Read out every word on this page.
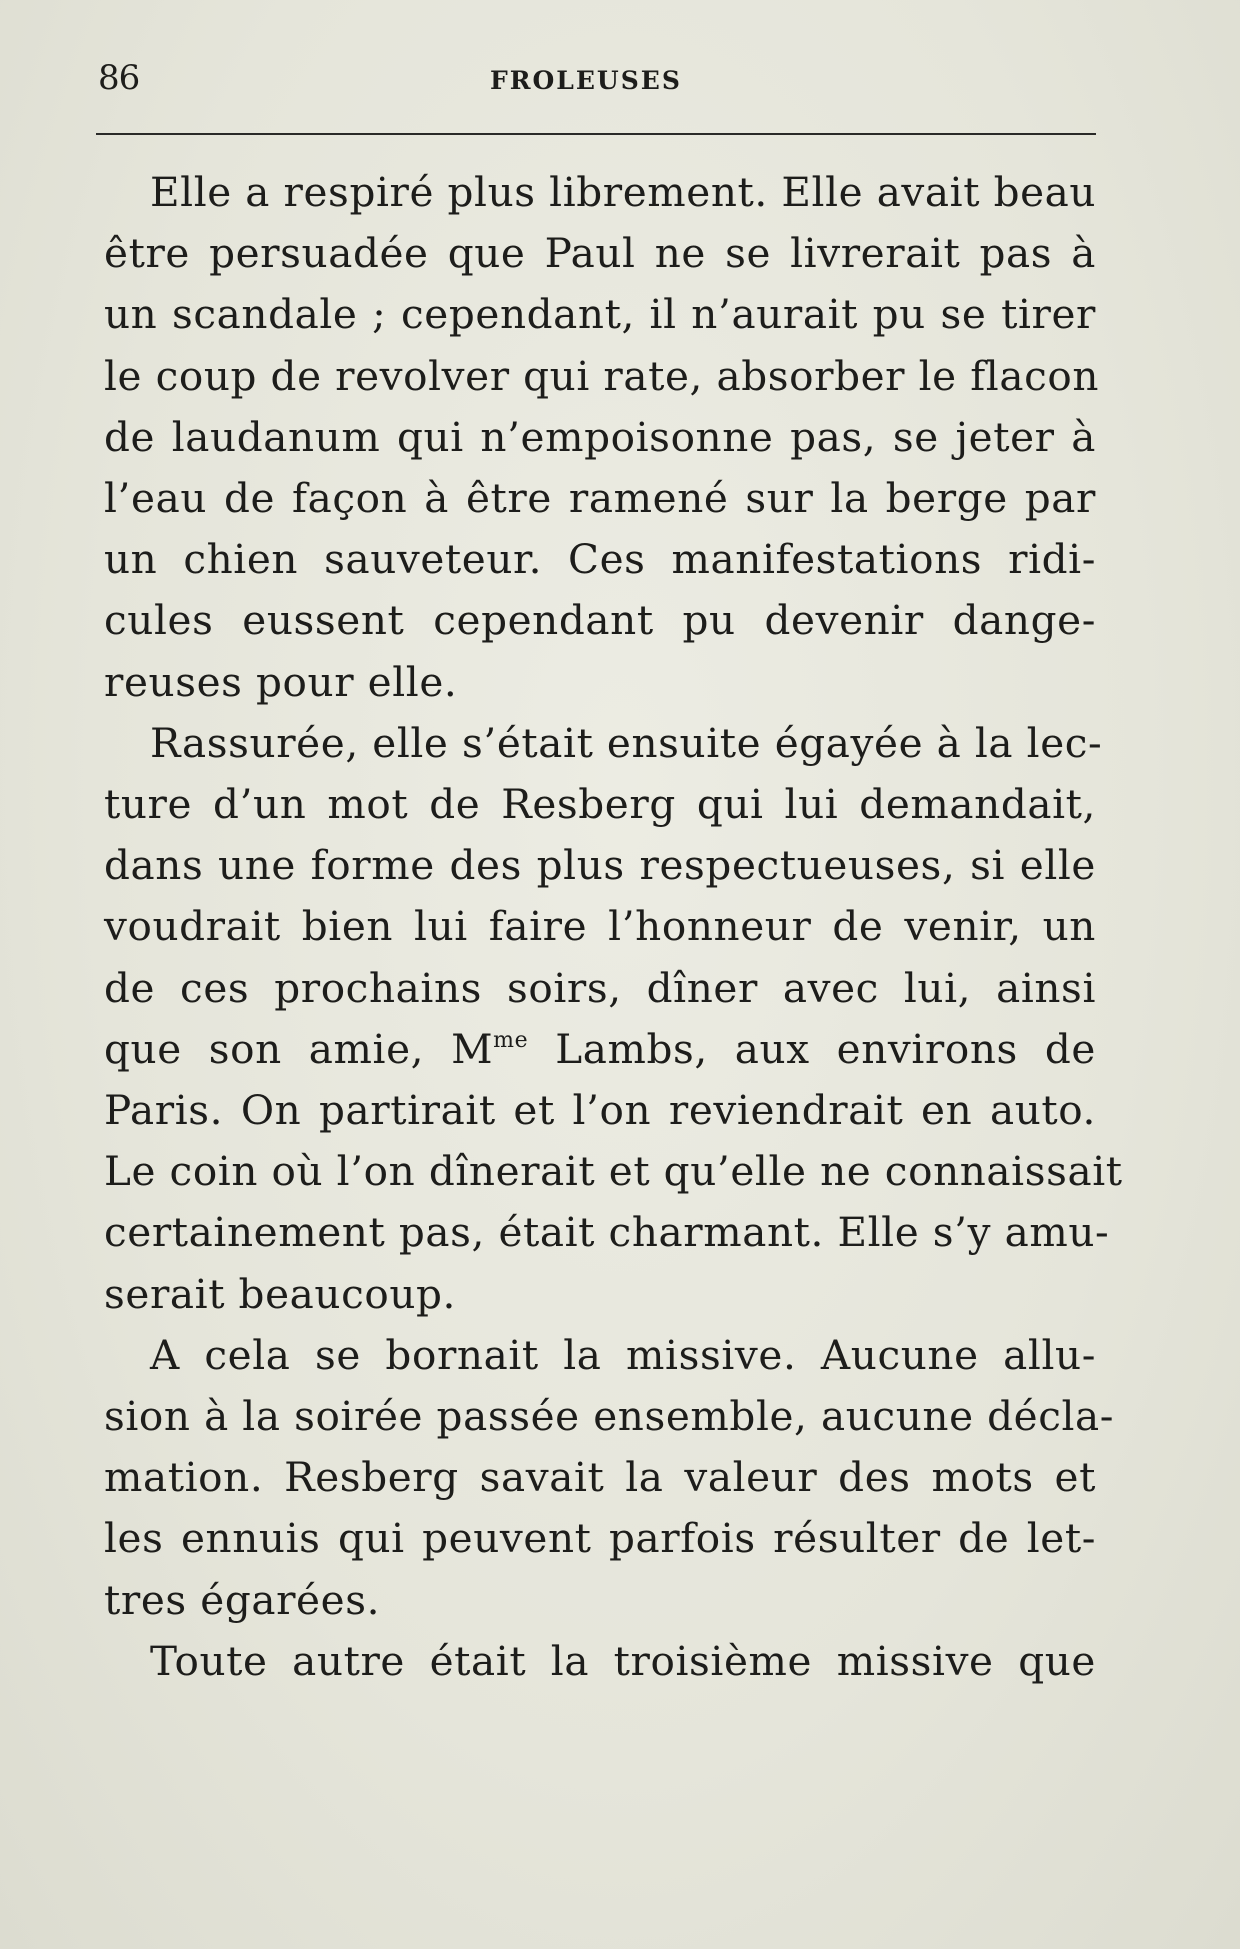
86	FROLEUSES

Elle a respiré plus librement. Elle avait beau
être persuadée que Paul ne se livrerait pas à
un scandale ; cependant, il n’aurait pu se tirer
le coup de revolver qui rate, absorber le flacon
de laudanum qui n’empoisonne pas, se jeter à
l’eau de façon à être ramené sur la berge par
un chien sauveteur. Ces manifestations ridi-
cules eussent cependant pu devenir dange-
reuses pour elle.

Rassurée, elle s’était ensuite égayée à la lec-
ture d’un mot de Resberg qui lui demandait,
dans une forme des plus respectueuses, si elle
voudrait bien lui faire l’honneur de venir, un
de ces prochains soirs, dîner avec lui, ainsi
que son amie, $M^{me}$ Lambs, aux environs de
Paris. On partirait et l’on reviendrait en auto.
Le coin où l’on dînerait et qu’elle ne connaissait
certainement pas, était charmant. Elle s’y amu-
serait beaucoup.

A cela se bornait la missive. Aucune allu-
sion à la soirée passée ensemble, aucune décla-
mation. Resberg savait la valeur des mots et
les ennuis qui peuvent parfois résulter de let-
tres égarées.

Toute autre était la troisième missive que
